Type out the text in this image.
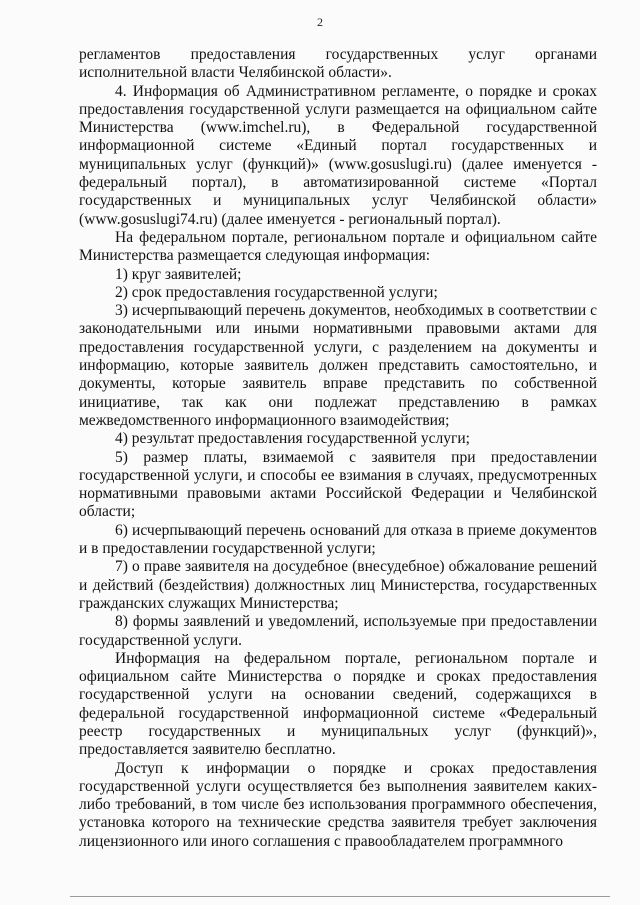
2

регламентов предоставления государственных услуг органами исполнительной власти Челябинской области».

4. Информация об Административном регламенте, о порядке и сроках предоставления государственной услуги размещается на официальном сайте Министерства (www.imchel.ru), в Федеральной государственной информационной системе «Единый портал государственных и муниципальных услуг (функций)» (www.gosuslugi.ru) (далее именуется - федеральный портал), в автоматизированной системе «Портал государственных и муниципальных услуг Челябинской области» (www.gosuslugi74.ru) (далее именуется - региональный портал).

На федеральном портале, региональном портале и официальном сайте Министерства размещается следующая информация:

1) круг заявителей;

2) срок предоставления государственной услуги;

3) исчерпывающий перечень документов, необходимых в соответствии с законодательными или иными нормативными правовыми актами для предоставления государственной услуги, с разделением на документы и информацию, которые заявитель должен представить самостоятельно, и документы, которые заявитель вправе представить по собственной инициативе, так как они подлежат представлению в рамках межведомственного информационного взаимодействия;

4) результат предоставления государственной услуги;

5) размер платы, взимаемой с заявителя при предоставлении государственной услуги, и способы ее взимания в случаях, предусмотренных нормативными правовыми актами Российской Федерации и Челябинской области;

6) исчерпывающий перечень оснований для отказа в приеме документов и в предоставлении государственной услуги;

7) о праве заявителя на досудебное (внесудебное) обжалование решений и действий (бездействия) должностных лиц Министерства, государственных гражданских служащих Министерства;

8) формы заявлений и уведомлений, используемые при предоставлении государственной услуги.

Информация на федеральном портале, региональном портале и официальном сайте Министерства о порядке и сроках предоставления государственной услуги на основании сведений, содержащихся в федеральной государственной информационной системе «Федеральный реестр государственных и муниципальных услуг (функций)», предоставляется заявителю бесплатно.

Доступ к информации о порядке и сроках предоставления государственной услуги осуществляется без выполнения заявителем каких-либо требований, в том числе без использования программного обеспечения, установка которого на технические средства заявителя требует заключения лицензионного или иного соглашения с правообладателем программного
